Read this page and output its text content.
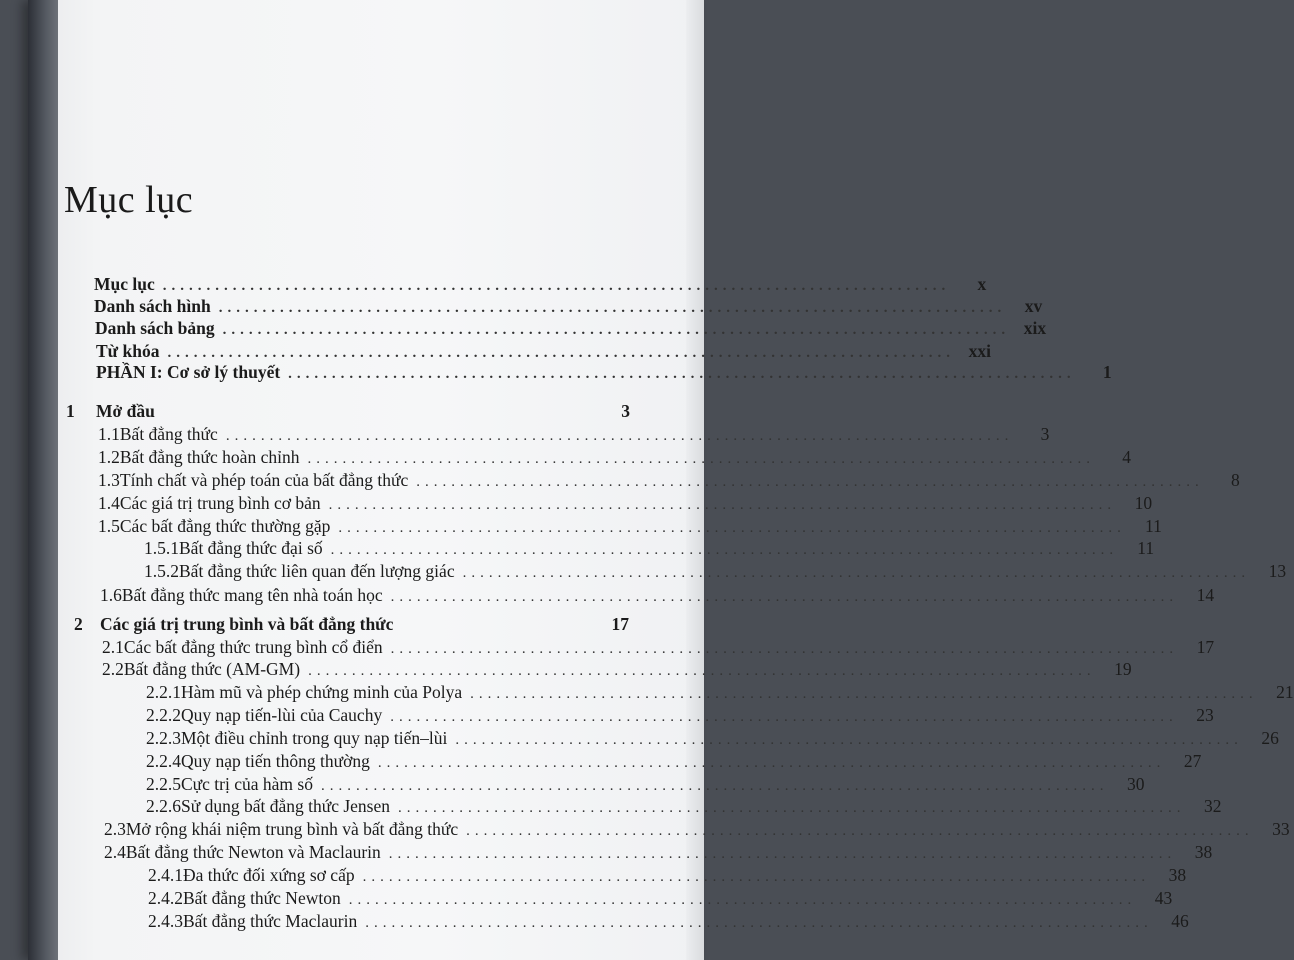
Mục lục
Mục lục ..........................................................................................	x
Danh sách hình ..........................................................................................	xv
Danh sách bảng .......................................................................................... xix
Từ khóa .......................................................................................... xxi
PHẦN I: Cơ sở lý thuyết ..........................................................................................	1
1	Mở đầu	3
1.1 Bất đẳng thức ..........................................................................................	3
1.2 Bất đẳng thức hoàn chỉnh ..........................................................................................	4
1.3 Tính chất và phép toán của bất đẳng thức ..........................................................................................	8
1.4 Các giá trị trung bình cơ bản ..........................................................................................	10
1.5 Các bất đẳng thức thường gặp ..........................................................................................	11
1.5.1 Bất đẳng thức đại số ..........................................................................................	11
1.5.2 Bất đẳng thức liên quan đến lượng giác ..........................................................................................	13
1.6 Bất đẳng thức mang tên nhà toán học ..........................................................................................	14
2 Các giá trị trung bình và bất đẳng thức	17
2.1 Các bất đẳng thức trung bình cổ điển ..........................................................................................	17
2.2 Bất đẳng thức (AM-GM) ..........................................................................................	19
2.2.1 Hàm mũ và phép chứng minh của Polya ..........................................................................................	21
2.2.2 Quy nạp tiến-lùi của Cauchy ..........................................................................................	23
2.2.3 Một điều chỉnh trong quy nạp tiến–lùi ..........................................................................................	26
2.2.4 Quy nạp tiến thông thường ..........................................................................................	27
2.2.5 Cực trị của hàm số ..........................................................................................	30
2.2.6 Sử dụng bất đẳng thức Jensen ..........................................................................................	32
2.3 Mở rộng khái niệm trung bình và bất đẳng thức ..........................................................................................	33
2.4 Bất đẳng thức Newton và Maclaurin ..........................................................................................	38
2.4.1 Đa thức đối xứng sơ cấp ..........................................................................................	38
2.4.2 Bất đẳng thức Newton ..........................................................................................	43
2.4.3 Bất đẳng thức Maclaurin ..........................................................................................	46
